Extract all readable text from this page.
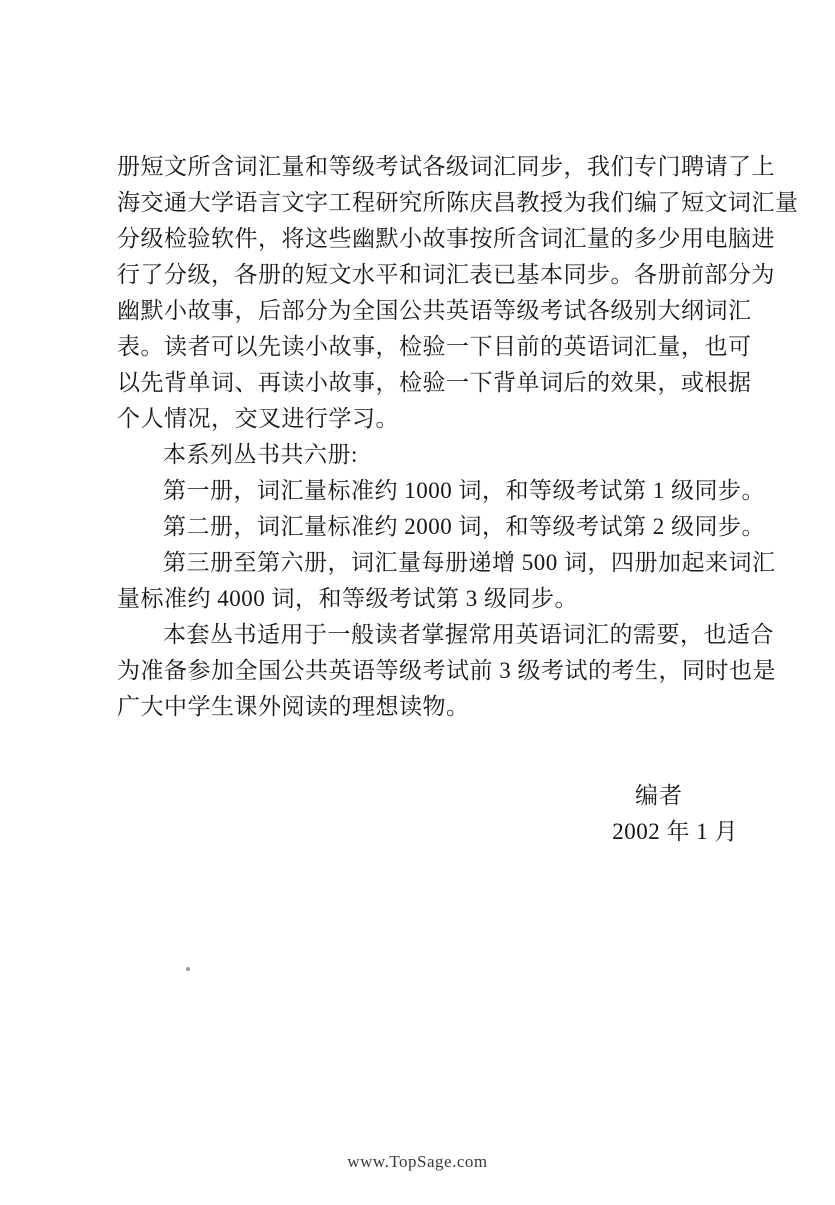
册短文所含词汇量和等级考试各级词汇同步，我们专门聘请了上
海交通大学语言文字工程研究所陈庆昌教授为我们编了短文词汇量
分级检验软件，将这些幽默小故事按所含词汇量的多少用电脑进
行了分级，各册的短文水平和词汇表已基本同步。各册前部分为
幽默小故事，后部分为全国公共英语等级考试各级别大纲词汇
表。读者可以先读小故事，检验一下目前的英语词汇量，也可
以先背单词、再读小故事，检验一下背单词后的效果，或根据
个人情况，交叉进行学习。
本系列丛书共六册:
第一册，词汇量标准约 1000 词，和等级考试第 1 级同步。
第二册，词汇量标准约 2000 词，和等级考试第 2 级同步。
第三册至第六册，词汇量每册递增 500 词，四册加起来词汇
量标准约 4000 词，和等级考试第 3 级同步。
本套丛书适用于一般读者掌握常用英语词汇的需要，也适合
为准备参加全国公共英语等级考试前 3 级考试的考生，同时也是
广大中学生课外阅读的理想读物。
编者
2002 年 1 月
www.TopSage.com
